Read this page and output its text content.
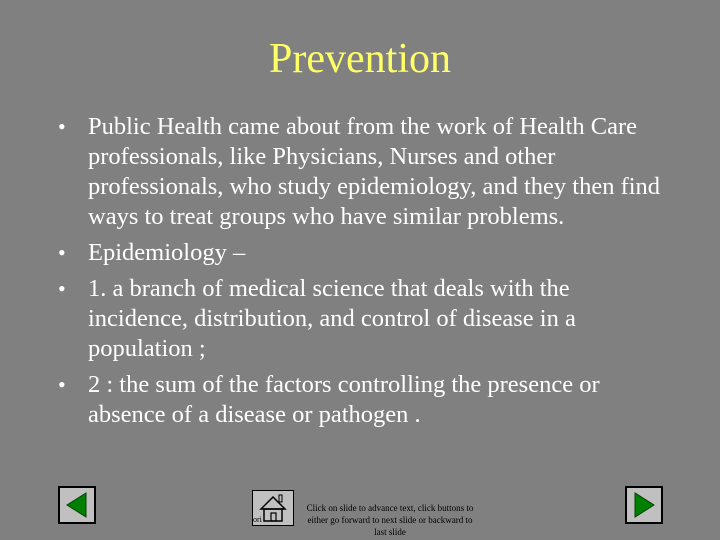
Prevention
• Public Health came about from the work of Health Care professionals, like Physicians, Nurses and other professionals, who study epidemiology, and they then find ways to treat groups who have similar problems.
• Epidemiology –
• 1. a branch of medical science that deals with the incidence, distribution, and control of disease in a population ;
• 2 : the sum of the factors controlling the presence or absence of a disease or pathogen .
ori
Click on slide to advance text, click buttons to either go forward to next slide or backward to last slide
